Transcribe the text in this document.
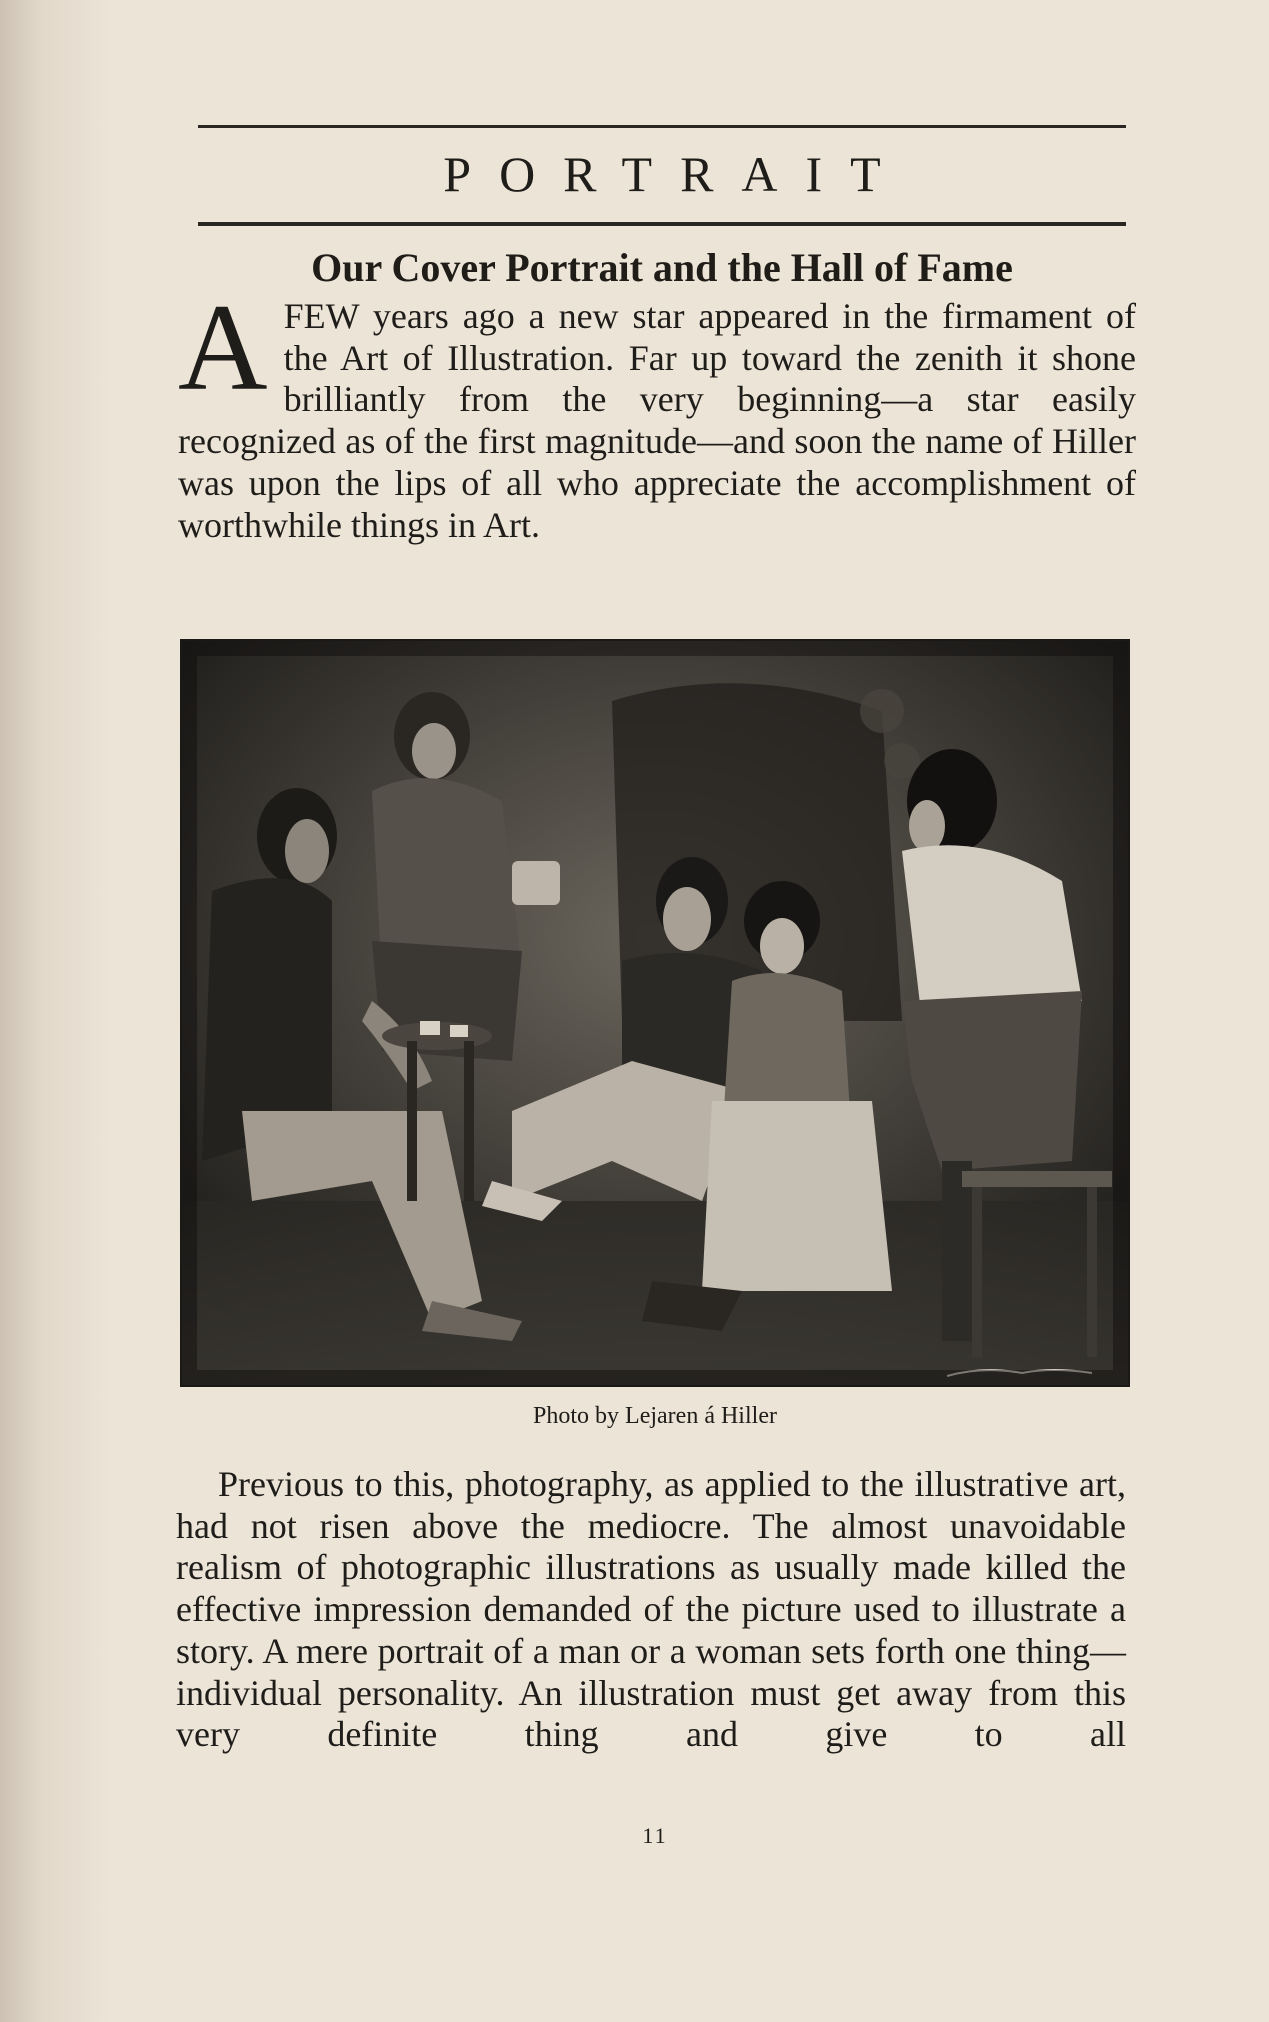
PORTRAIT
Our Cover Portrait and the Hall of Fame
A FEW years ago a new star appeared in the firmament of the Art of Illustration. Far up toward the zenith it shone brilliantly from the very beginning—a star easily recognized as of the first magnitude—and soon the name of Hiller was upon the lips of all who appreciate the accomplishment of worthwhile things in Art.
Photo by Lejaren á Hiller

Previous to this, photography, as applied to the illustrative art, had not risen above the mediocre. The almost unavoidable realism of photographic illustrations as usually made killed the effective impression demanded of the picture used to illustrate a story. A mere portrait of a man or a woman sets forth one thing—individual personality. An illustration must get away from this very definite thing and give to all

11
